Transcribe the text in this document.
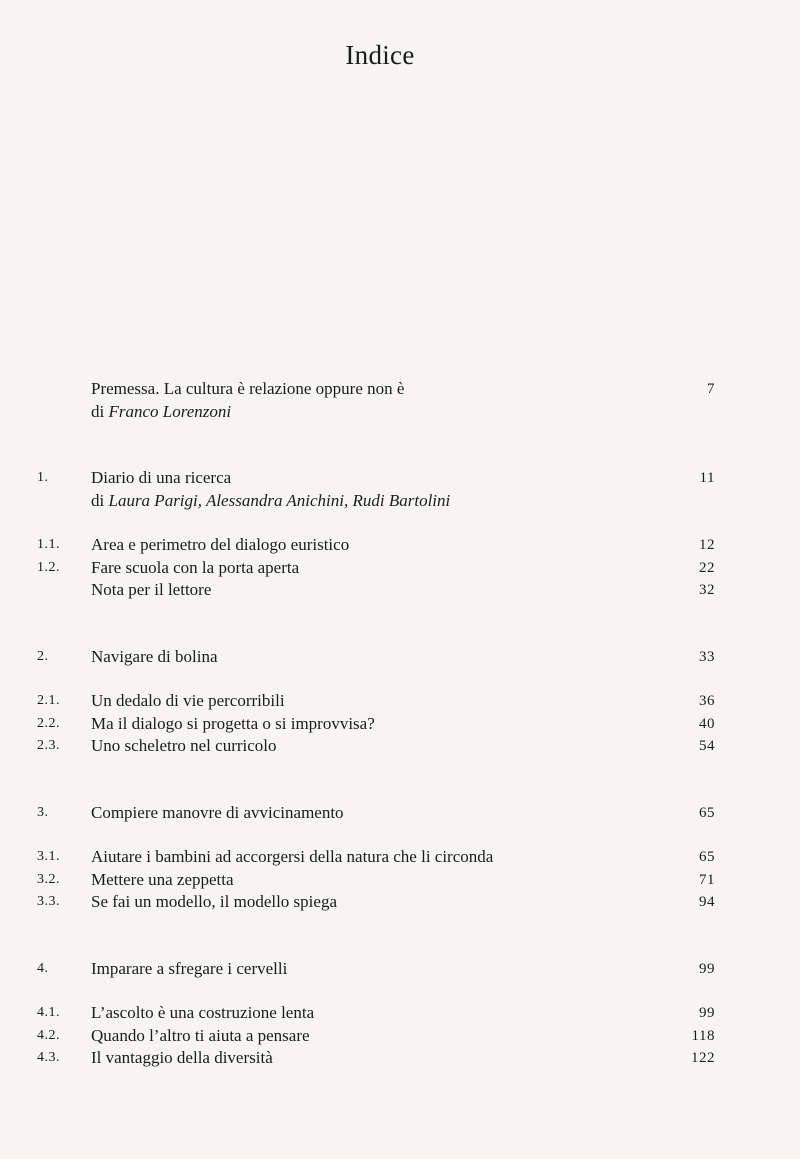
Indice
Premessa. La cultura è relazione oppure non è	7
di Franco Lorenzoni
1.	Diario di una ricerca	11
di Laura Parigi, Alessandra Anichini, Rudi Bartolini
1.1. Area e perimetro del dialogo euristico	12
1.2. Fare scuola con la porta aperta	22
Nota per il lettore	32
2.	Navigare di bolina	33
2.1. Un dedalo di vie percorribili	36
2.2. Ma il dialogo si progetta o si improvvisa?	40
2.3. Uno scheletro nel curricolo	54
3.	Compiere manovre di avvicinamento	65
3.1. Aiutare i bambini ad accorgersi della natura che li circonda	65
3.2. Mettere una zeppetta	71
3.3. Se fai un modello, il modello spiega	94
4.	Imparare a sfregare i cervelli	99
4.1. L’ascolto è una costruzione lenta	99
4.2. Quando l’altro ti aiuta a pensare	118
4.3. Il vantaggio della diversità	122
